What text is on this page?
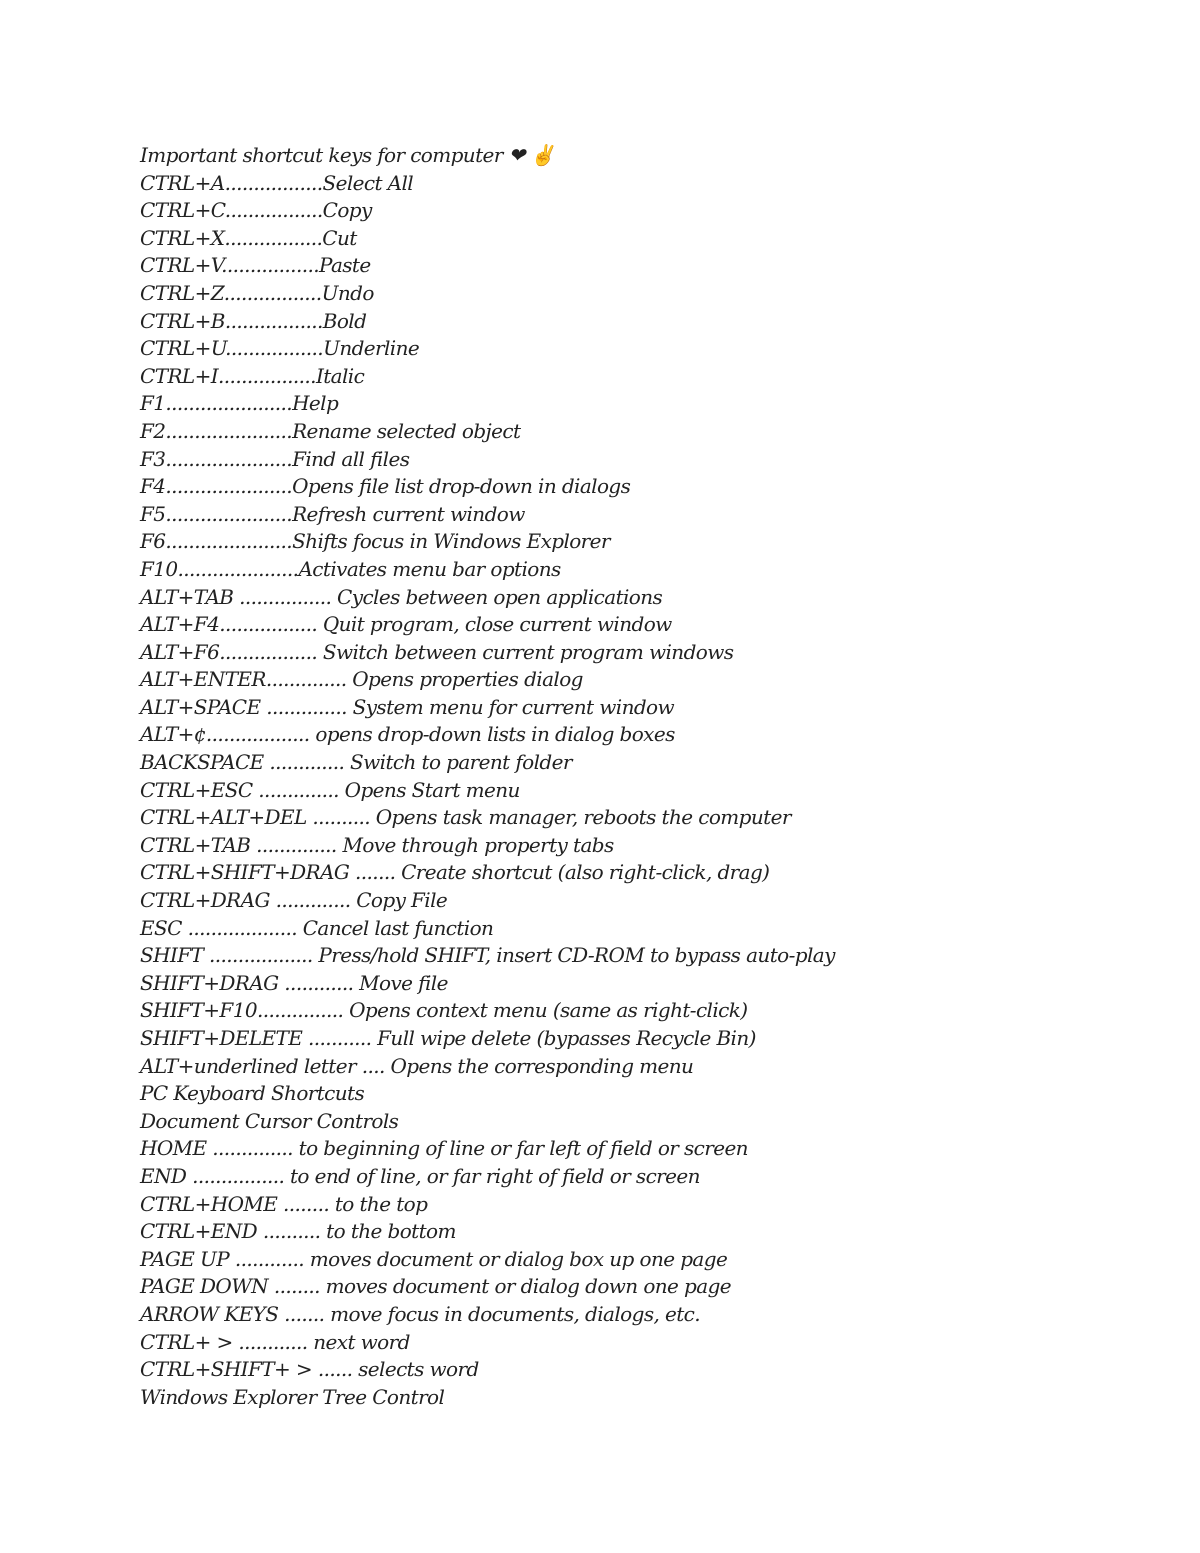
Important shortcut keys for computer ❤ ✌
CTRL+A.................Select All
CTRL+C.................Copy
CTRL+X.................Cut
CTRL+V.................Paste
CTRL+Z.................Undo
CTRL+B.................Bold
CTRL+U.................Underline
CTRL+I.................Italic
F1......................Help
F2......................Rename selected object
F3......................Find all files
F4......................Opens file list drop-down in dialogs
F5......................Refresh current window
F6......................Shifts focus in Windows Explorer
F10.....................Activates menu bar options
ALT+TAB ................ Cycles between open applications
ALT+F4................. Quit program, close current window
ALT+F6................. Switch between current program windows
ALT+ENTER.............. Opens properties dialog
ALT+SPACE .............. System menu for current window
ALT+¢.................. opens drop-down lists in dialog boxes
BACKSPACE ............. Switch to parent folder
CTRL+ESC .............. Opens Start menu
CTRL+ALT+DEL .......... Opens task manager, reboots the computer
CTRL+TAB .............. Move through property tabs
CTRL+SHIFT+DRAG ....... Create shortcut (also right-click, drag)
CTRL+DRAG ............. Copy File
ESC ................... Cancel last function
SHIFT .................. Press/hold SHIFT, insert CD-ROM to bypass auto-play
SHIFT+DRAG ............ Move file
SHIFT+F10............... Opens context menu (same as right-click)
SHIFT+DELETE ........... Full wipe delete (bypasses Recycle Bin)
ALT+underlined letter .... Opens the corresponding menu
PC Keyboard Shortcuts
Document Cursor Controls
HOME .............. to beginning of line or far left of field or screen
END ................ to end of line, or far right of field or screen
CTRL+HOME ........ to the top
CTRL+END .......... to the bottom
PAGE UP ............ moves document or dialog box up one page
PAGE DOWN ........ moves document or dialog down one page
ARROW KEYS ....... move focus in documents, dialogs, etc.
CTRL+ > ............ next word
CTRL+SHIFT+ > ...... selects word
Windows Explorer Tree Control
